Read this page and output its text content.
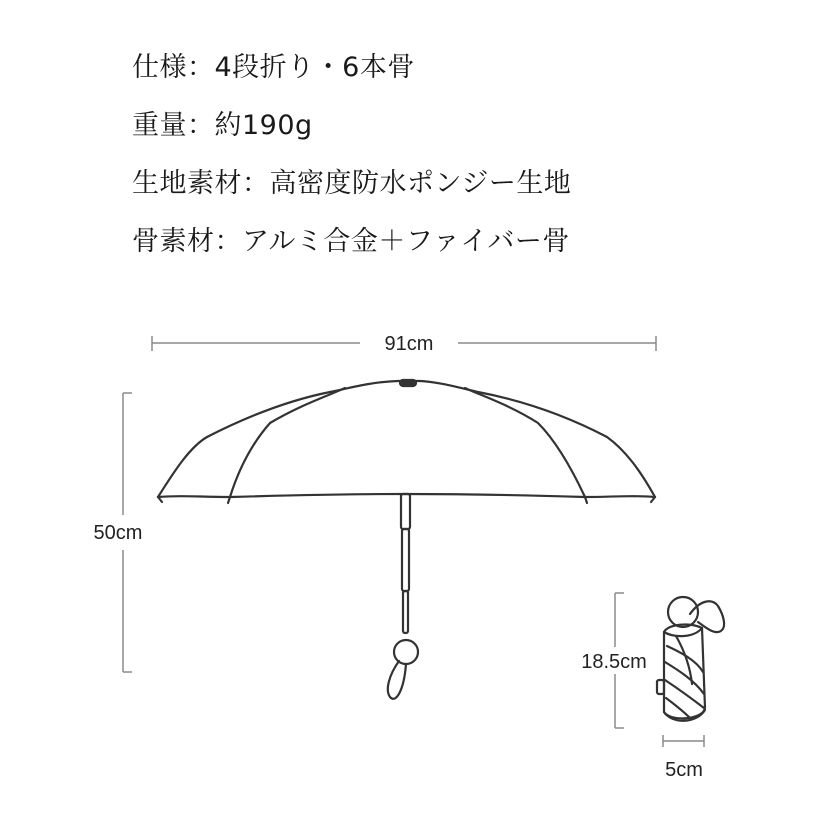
仕様：4段折り・6本骨
重量：約190g
生地素材：高密度防水ポンジー生地
骨素材：アルミ合金＋ファイバー骨
91cm
50cm
18.5cm
5cm
